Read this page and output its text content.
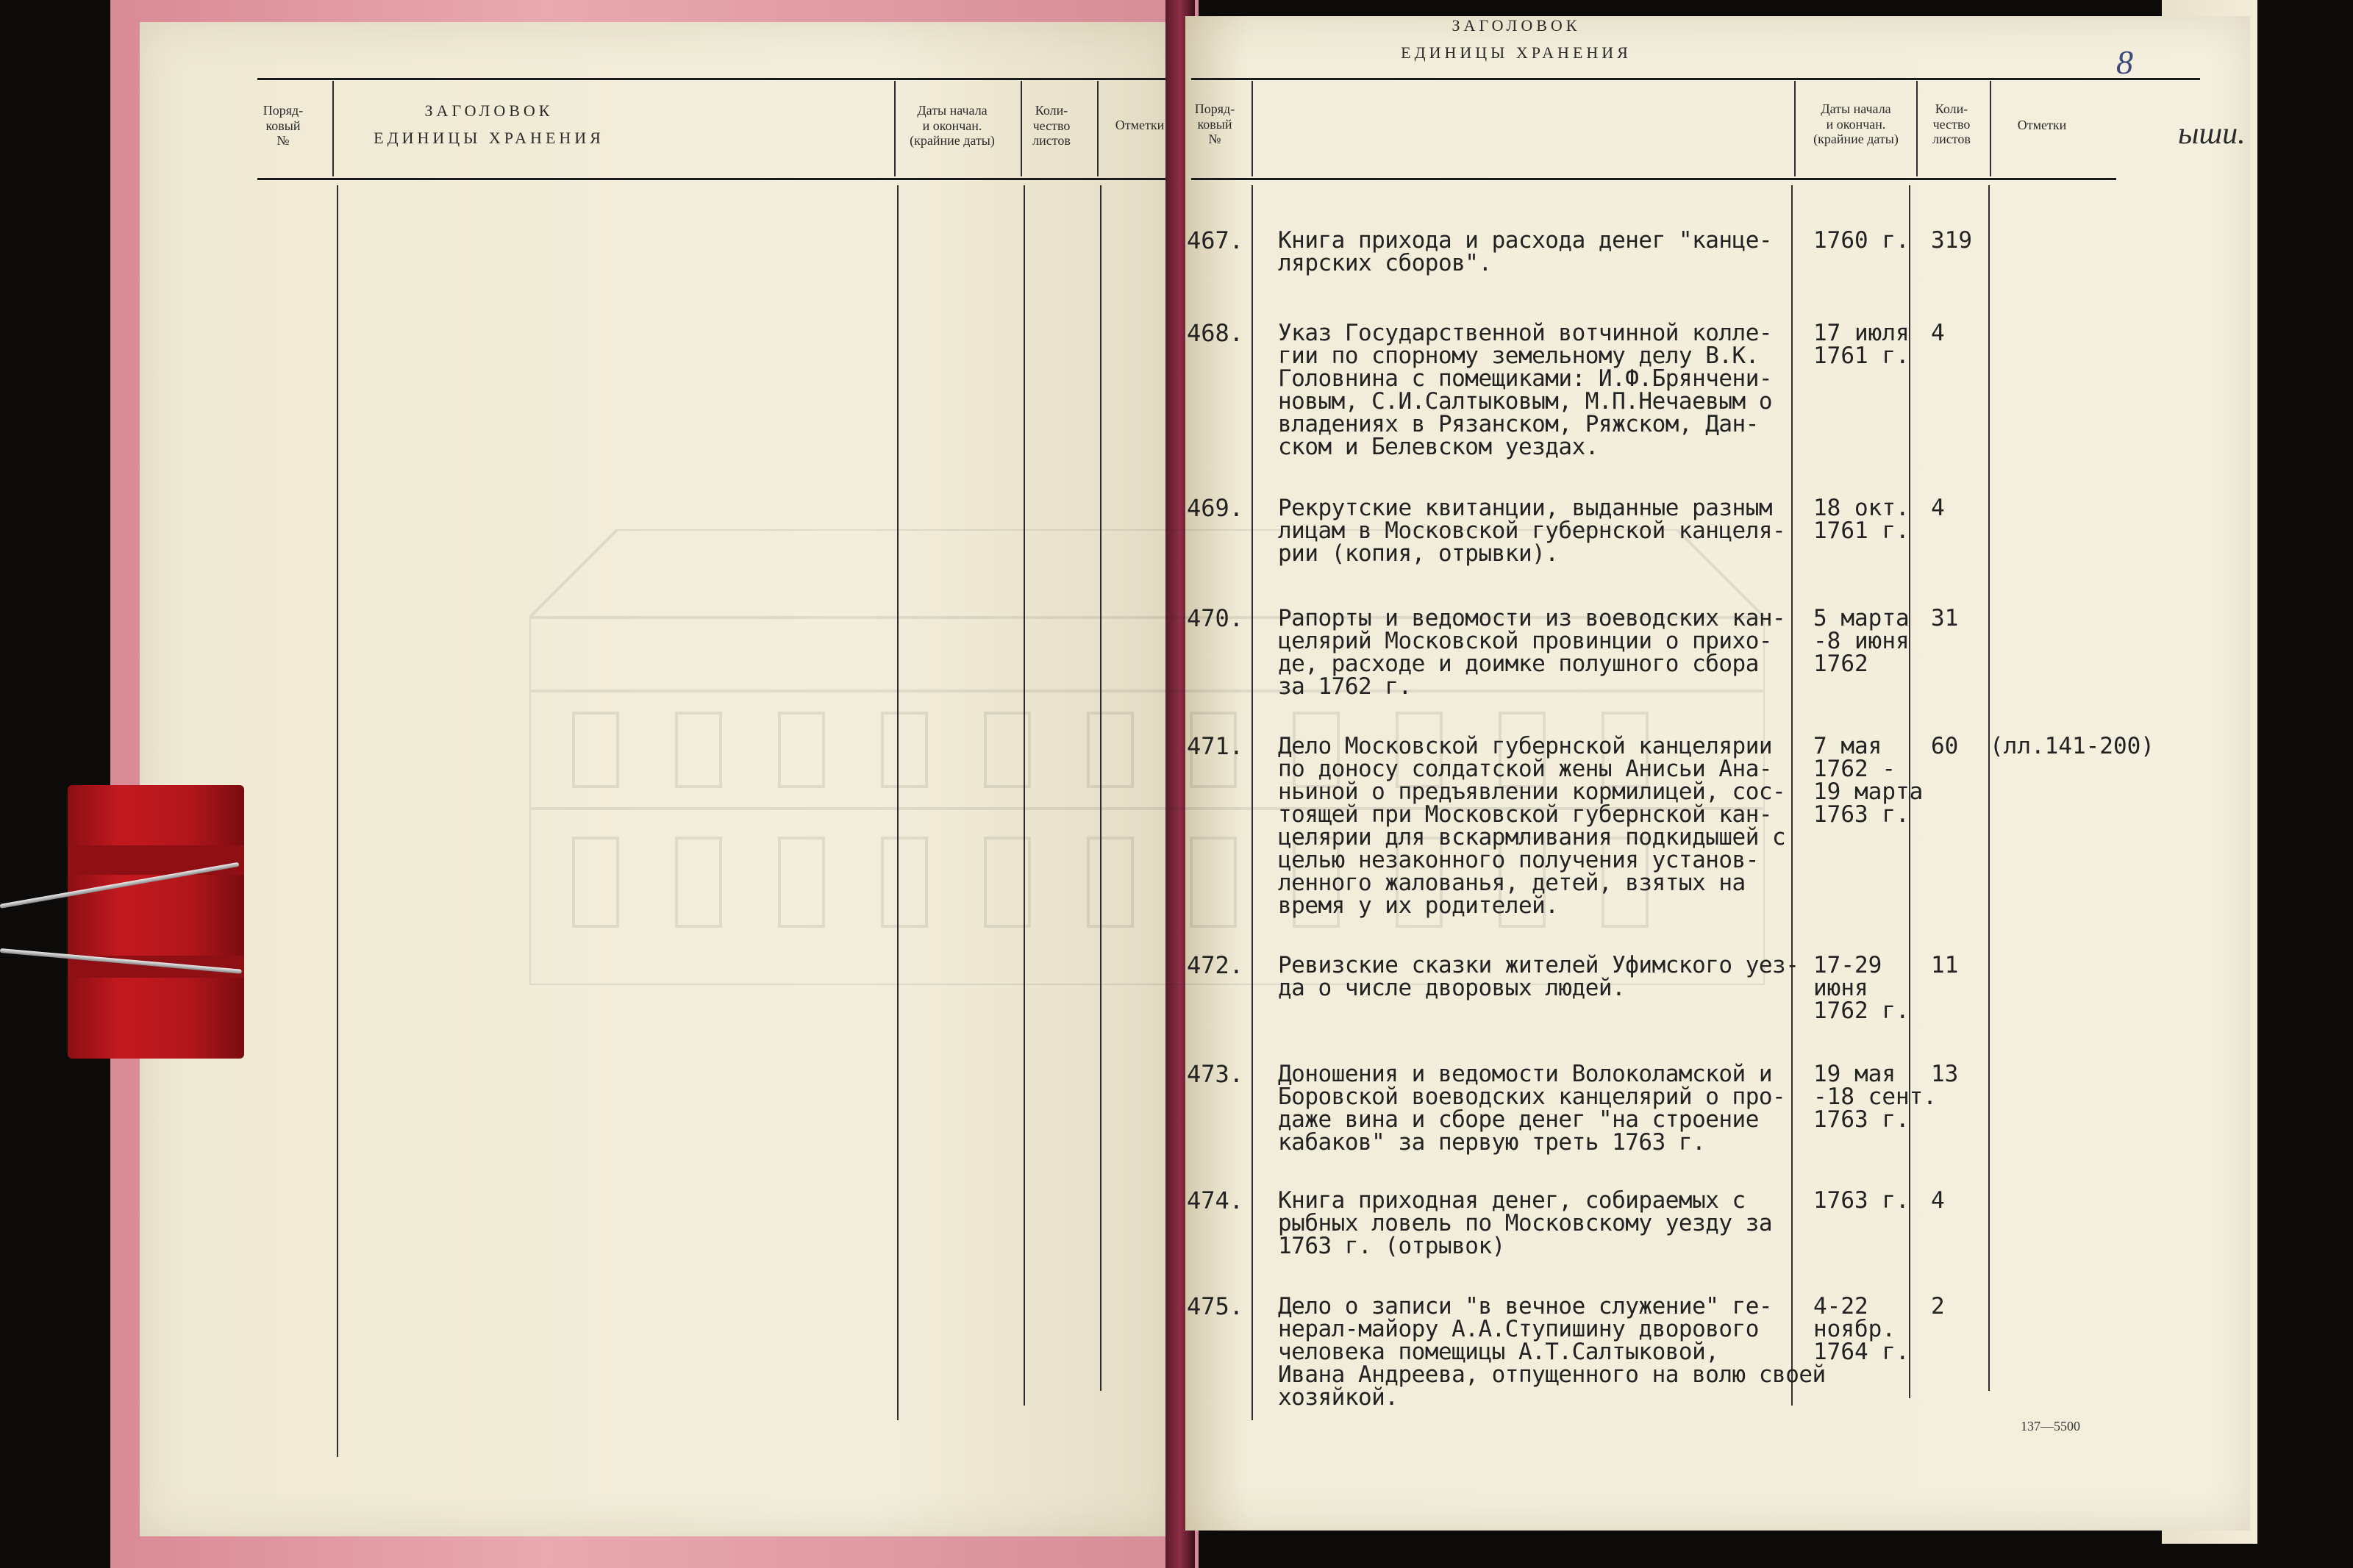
Поряд-
ковый
№
ЗАГОЛОВОК
ЕДИНИЦЫ ХРАНЕНИЯ
Даты начала
и окончан.
(крайние даты)
Коли-
чество
листов
Отметки
Поряд-
ковый
№
ЗАГОЛОВОК
ЕДИНИЦЫ ХРАНЕНИЯ
Даты начала
и окончан.
(крайние даты)
Коли-
чество
листов
Отметки
8
ыши.
137—5500
467. Книга прихода и расхода денег "канце-
лярских сборов".
1760 г. 319
468. Указ Государственной вотчинной колле-
гии по спорному земельному делу В.К.
Головнина с помещиками: И.Ф.Брянчени-
новым, С.И.Салтыковым, М.П.Нечаевым о
владениях в Рязанском, Ряжском, Дан-
ском и Белевском уездах.
17 июля
1761 г.
4
469. Рекрутские квитанции, выданные разным
лицам в Московской губернской канцеля-
рии (копия, отрывки).
18 окт.
1761 г.
4
470. Рапорты и ведомости из воеводских кан-
целярий Московской провинции о прихо-
де, расходе и доимке полушного сбора
за 1762 г.
5 марта
-8 июня
1762
31
471. Дело Московской губернской канцелярии
по доносу солдатской жены Анисьи Ана-
ньиной о предъявлении кормилицей, сос-
тоящей при Московской губернской кан-
целярии для вскармливания подкидышей с
целью незаконного получения установ-
ленного жалованья, детей, взятых на
время у их родителей.
7 мая
1762 -
19 марта
1763 г.
60 (лл.141-200)
472. Ревизские сказки жителей Уфимского уез-
да о числе дворовых людей.
17-29
июня
1762 г.
11
473. Доношения и ведомости Волоколамской и
Боровской воеводских канцелярий о про-
даже вина и сборе денег "на строение
кабаков" за первую треть 1763 г.
19 мая
-18 сент.
1763 г.
13
474. Книга приходная денег, собираемых с
рыбных ловель по Московскому уезду за
1763 г. (отрывок)
1763 г. 4
475. Дело о записи "в вечное служение" ге-
нерал-майору А.А.Ступишину дворового
человека помещицы А.Т.Салтыковой,
Ивана Андреева, отпущенного на волю своей
хозяйкой.
4-22
ноябр.
1764 г.
2
